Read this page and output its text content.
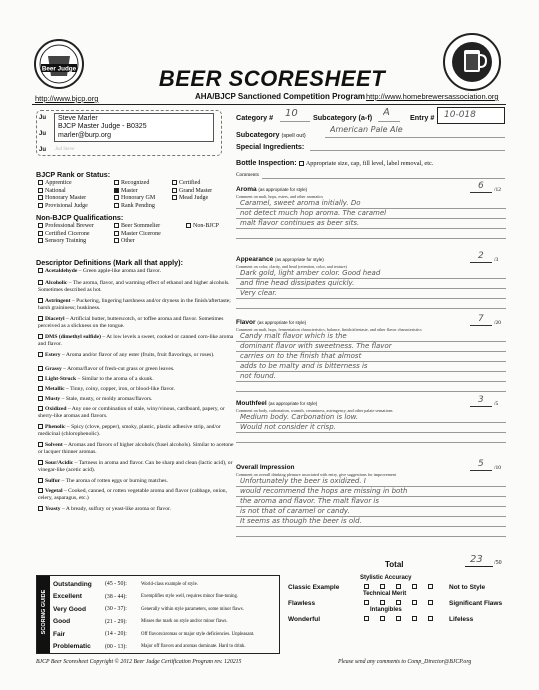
Beer Judge	BEER SCORESHEET
AHA/BJCP Sanctioned Competition Program
http://www.bjcp.org	http://www.homebrewersassociation.org
Ju
Ju
Ju
Steve Marler
BJCP Master Judge - B0325
marler@burp.org
Jud Steve
Category # 10 Subcategory (a-f) A	Entry #	10-018
Subcategory (spell out)
American Pale Ale
Special Ingredients:
Bottle Inspection: Appropriate size, cap, fill level, label removal, etc.
Comments
BJCP Rank or Status:
Apprentice
National
Honorary Master
Provisional Judge
Recognized
Master
Honorary GM
Rank Pending
Certified
Grand Master
Mead Judge
Non-BJCP Qualifications:
Professional Brewer
Certified Cicerone
Sensory Training
Beer Sommelier
Master Cicerone
Other
Non-BJCP
Descriptor Definitions (Mark all that apply):
Acetaldehyde – Green apple-like aroma and flavor.
Alcoholic – The aroma, flavor, and warming effect of ethanol and higher alcohols. Sometimes described as hot.
Astringent – Puckering, lingering harshness and/or dryness in the finish/aftertaste; harsh graininess; huskiness.
Diacetyl – Artificial butter, butterscotch, or toffee aroma and flavor. Sometimes perceived as a slickness on the tongue.
DMS (dimethyl sulfide) – At low levels a sweet, cooked or canned corn-like aroma and flavor.
Estery – Aroma and/or flavor of any ester (fruits, fruit flavorings, or roses).
Grassy – Aroma/flavor of fresh-cut grass or green leaves.
Light-Struck – Similar to the aroma of a skunk.
Metallic – Tinny, coiny, copper, iron, or blood-like flavor.
Musty – Stale, musty, or moldy aromas/flavors.
Oxidized – Any one or combination of stale, winy/vinous, cardboard, papery, or sherry-like aromas and flavors.
Phenolic – Spicy (clove, pepper), smoky, plastic, plastic adhesive strip, and/or medicinal (chlorophenolic).
Solvent – Aromas and flavors of higher alcohols (fusel alcohols). Similar to acetone or lacquer thinner aromas.
Sour/Acidic – Tartness in aroma and flavor. Can be sharp and clean (lactic acid), or vinegar-like (acetic acid).
Sulfur – The aroma of rotten eggs or burning matches.
Vegetal – Cooked, canned, or rotten vegetable aroma and flavor (cabbage, onion, celery, asparagus, etc.)
Yeasty – A bready, sulfury or yeast-like aroma or flavor.
Aroma (as appropriate for style)
Comment on malt, hops, esters, and other aromatics
6 /12
Caramel, sweet aroma initially. Do
not detect much hop aroma. The caramel
malt flavor continues as beer sits.
Appearance (as appropriate for style)
Comment on color, clarity, and head (retention, color, and texture)
2 /3
Dark gold, light amber color. Good head
and fine head dissipates quickly.
Very clear.
Flavor (as appropriate for style)
Comment on malt, hops, fermentation characteristics, balance, finish/aftertaste, and other flavor characteristics
7 /20
Candy malt flavor which is the
dominant flavor with sweetness. The flavor
carries on to the finish that almost
adds to be malty and is bitterness is
not found.
Mouthfeel (as appropriate for style)
Comment on body, carbonation, warmth, creaminess, astringency, and other palate sensations
3 /5
Medium body. Carbonation is low.
Would not consider it crisp.
Overall Impression
Comment on overall drinking pleasure associated with entry, give suggestions for improvement
5 /10
Unfortunately the beer is oxidized. I
would recommend the hops are missing in both
the aroma and flavor. The malt flavor is
is not that of caramel or candy.
It seems as though the beer is old.
Total	23 /50
SCORING GUIDE
Outstanding	(45 - 50):	World-class example of style.
Excellent	(38 - 44):	Exemplifies style well, requires minor fine-tuning.
Very Good	(30 - 37):	Generally within style parameters, some minor flaws.
Good	(21 - 29):	Misses the mark on style and/or minor flaws.
Fair	(14 - 20):	Off flavors/aromas or major style deficiencies. Unpleasant.
Problematic	(00 - 13):	Major off flavors and aromas dominate. Hard to drink.
Stylistic Accuracy
Technical Merit
Intangibles
Classic Example	Not to Style
Flawless	Significant Flaws
Wonderful	Lifeless
BJCP Beer Scoresheet Copyright © 2012 Beer Judge Certification Program rev. 120215	Please send any comments to Comp_Director@BJCP.org
